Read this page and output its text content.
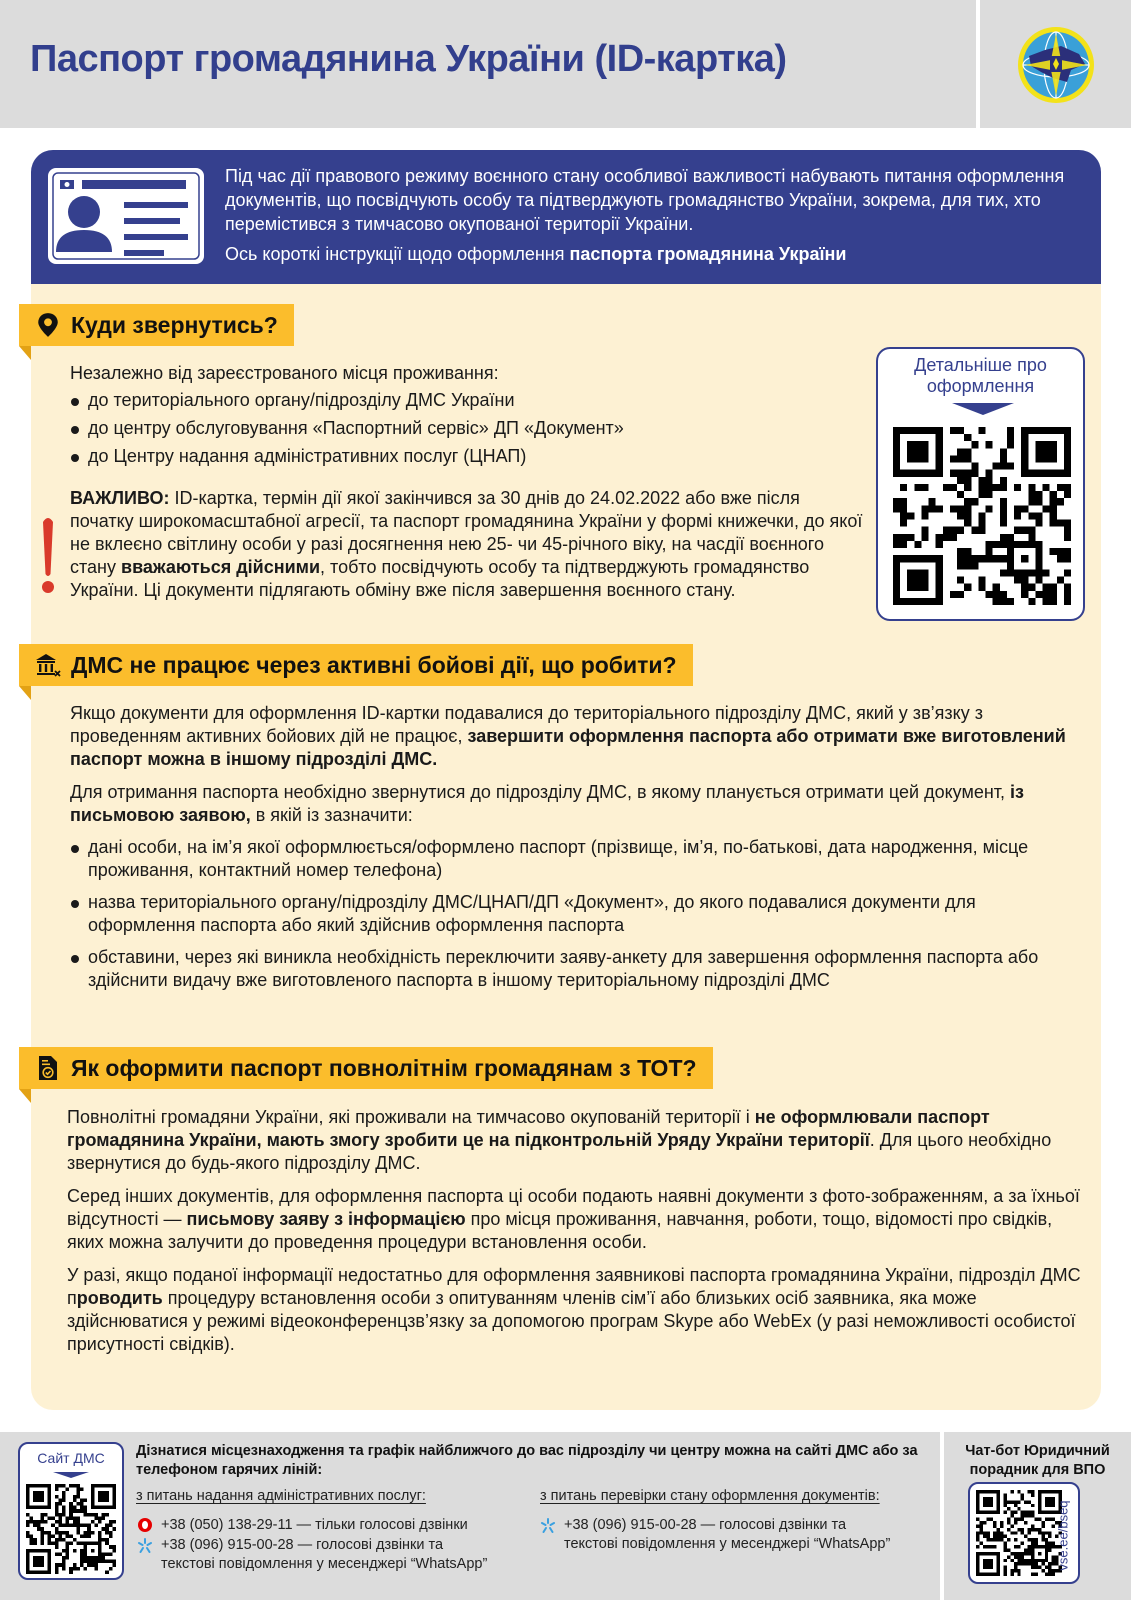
Паспорт громадянина України (ID-картка)

Під час дії правового режиму воєнного стану особливої важливості набувають питання оформлення документів, що посвідчують особу та підтверджують громадянство України, зокрема, для тих, хто перемістився з тимчасово окупованої території України.

Ось короткі інструкції щодо оформлення паспорта громадянина України

Куди звернутись?

Незалежно від зареєстрованого місця проживання:

до територіального органу/підрозділу ДМС України
до центру обслуговування «Паспортний сервіс» ДП «Документ»
до Центру надання адміністративних послуг (ЦНАП)

ВАЖЛИВО: ID-картка, термін дії якої закінчився за 30 днів до 24.02.2022 або вже після початку широкомасштабної агресії, та паспорт громадянина України у формі книжечки, до якої не вклеєно світлину особи у разі досягнення нею 25- чи 45-річного віку, на часдії воєнного стану вважаються дійсними, тобто посвідчують особу та підтверджують громадянство України. Ці документи підлягають обміну вже після завершення воєнного стану.

Детальніше про оформлення
ДМС не працює через активні бойові дії, що робити?

Якщо документи для оформлення ID-картки подавалися до територіального підрозділу ДМС, який у зв’язку з проведенням активних бойових дій не працює, завершити оформлення паспорта або отримати вже виготовлений паспорт можна в іншому підрозділі ДМС.

Для отримання паспорта необхідно звернутися до підрозділу ДМС, в якому планується отримати цей документ, із письмовою заявою, в якій із зазначити:

дані особи, на ім’я якої оформлюється/оформлено паспорт (прізвище, ім’я, по-батькові, дата народження, місце проживання, контактний номер телефона)
назва територіального органу/підрозділу ДМС/ЦНАП/ДП «Документ», до якого подавалися документи для оформлення паспорта або який здійснив оформлення паспорта
обставини, через які виникла необхідність переключити заяву-анкету для завершення оформлення паспорта або здійснити видачу вже виготовленого паспорта в іншому територіальному підрозділі ДМС
Як оформити паспорт повнолітнім громадянам з ТОТ?

Повнолітні громадяни України, які проживали на тимчасово окупованій території і не оформлювали паспорт громадянина України, мають змогу зробити це на підконтрольній Уряду України території. Для цього необхідно звернутися до будь-якого підрозділу ДМС.

Серед інших документів, для оформлення паспорта ці особи подають наявні документи з фото-зображенням, а за їхньої відсутності — письмову заяву з інформацією про місця проживання, навчання, роботи, тощо, відомості про свідків, яких можна залучити до проведення процедури встановлення особи.

У разі, якщо поданої інформації недостатньо для оформлення заявникові паспорта громадянина України, підрозділ ДМС проводить процедуру встановлення особи з опитуванням членів сім’ї або близьких осіб заявника, яка може здійснюватися у режимі відеоконференцзв’язку за допомогою програм Skype або WebEx (у разі неможливості особистої присутності свідків).

Сайт ДМС	Дізнатися місцезнаходження та графік найближчого до вас підрозділу чи центру можна на сайті ДМС або за телефоном гарячих ліній:
з питань надання адміністративних послуг:
+38 (050) 138-29-11 — тільки голосові дзвінки
+38 (096) 915-00-28 — голосові дзвінки та
текстові повідомлення у месенджері “WhatsApp”
з питань перевірки стану оформлення документів:
+38 (096) 915-00-28 — голосові дзвінки та
текстові повідомлення у месенджері “WhatsApp”
Чат-бот Юридичний порадник для ВПО
vse.ee/bseq
